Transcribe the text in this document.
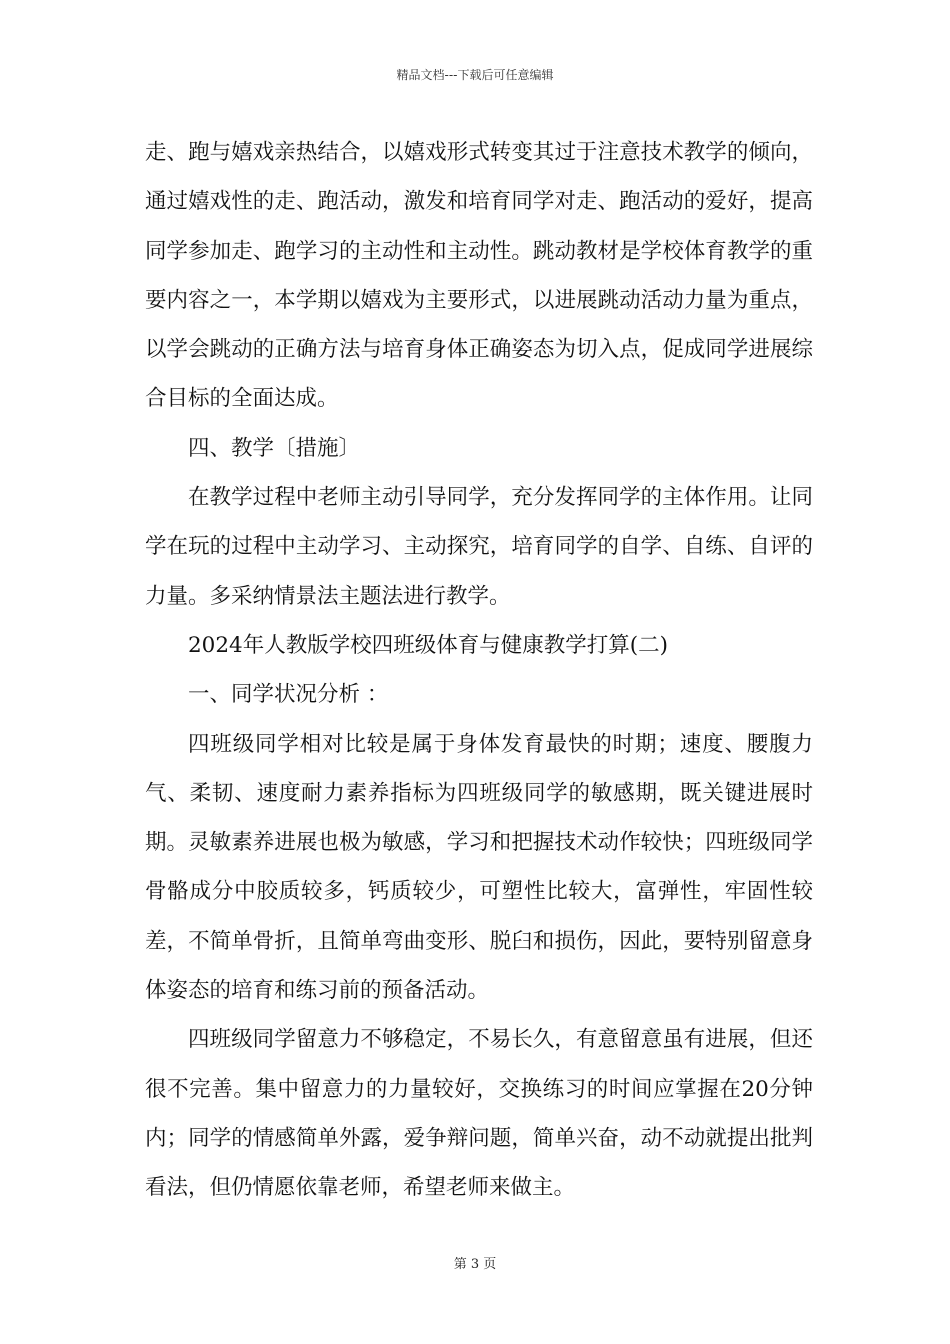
精品文档---下载后可任意编辑

走、跑与嬉戏亲热结合，以嬉戏形式转变其过于注意技术教学的倾向，通过嬉戏性的走、跑活动，激发和培育同学对走、跑活动的爱好，提高同学参加走、跑学习的主动性和主动性。跳动教材是学校体育教学的重要内容之一，本学期以嬉戏为主要形式，以进展跳动活动力量为重点，以学会跳动的正确方法与培育身体正确姿态为切入点，促成同学进展综合目标的全面达成。

四、教学〔措施〕

在教学过程中老师主动引导同学，充分发挥同学的主体作用。让同学在玩的过程中主动学习、主动探究，培育同学的自学、自练、自评的力量。多采纳情景法主题法进行教学。

2024年人教版学校四班级体育与健康教学打算(二)

一、同学状况分析 ：

四班级同学相对比较是属于身体发育最快的时期；速度、腰腹力气、柔韧、速度耐力素养指标为四班级同学的敏感期，既关键进展时期。灵敏素养进展也极为敏感，学习和把握技术动作较快；四班级同学骨骼成分中胶质较多，钙质较少，可塑性比较大，富弹性，牢固性较差，不简单骨折，且简单弯曲变形、脱臼和损伤，因此，要特别留意身体姿态的培育和练习前的预备活动。

四班级同学留意力不够稳定，不易长久，有意留意虽有进展，但还很不完善。集中留意力的力量较好，交换练习的时间应掌握在20分钟内；同学的情感简单外露，爱争辩问题，简单兴奋，动不动就提出批判看法，但仍情愿依靠老师，希望老师来做主。

第 3 页
